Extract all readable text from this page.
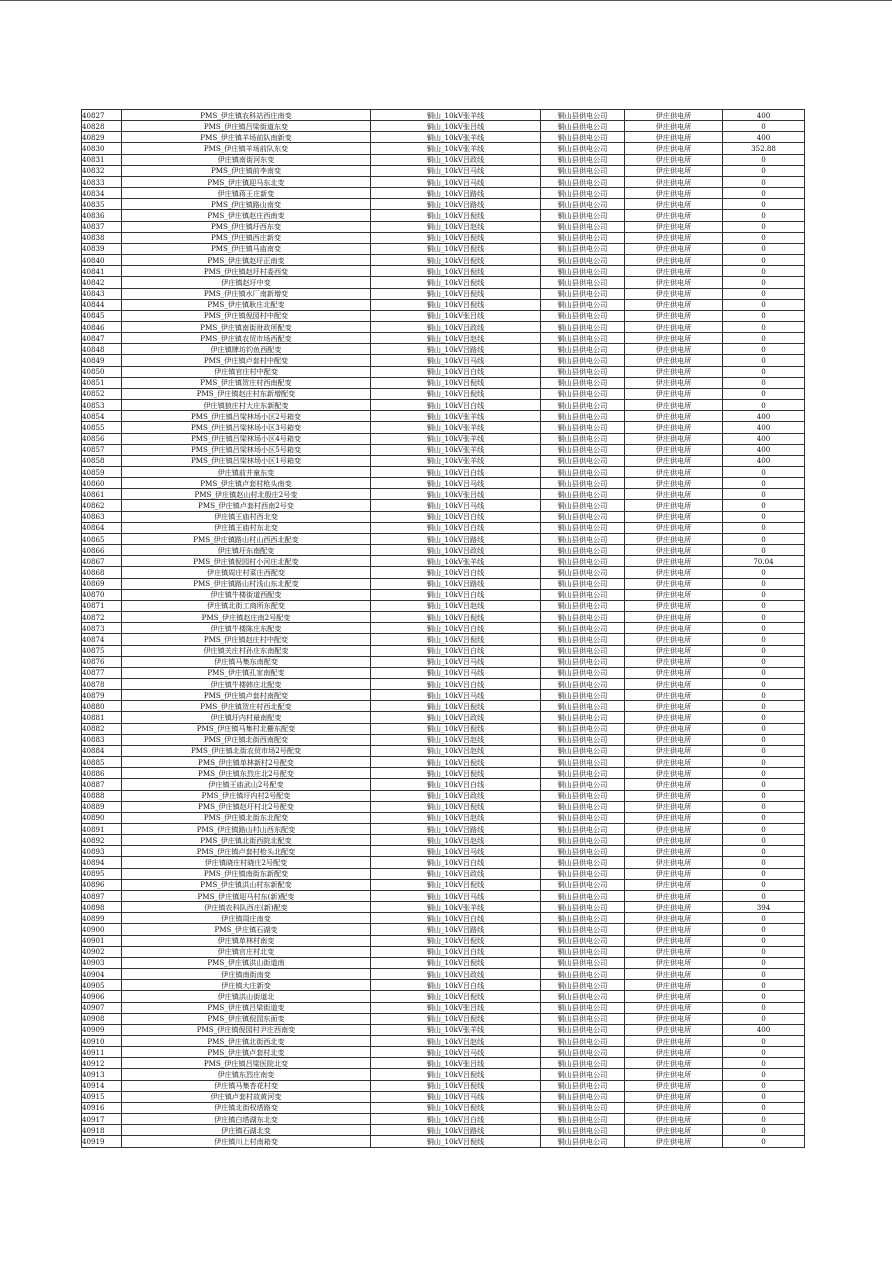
40827	PMS_伊庄镇农科站西庄南变	铜山_10kV张羊线	铜山县供电公司	伊庄供电所	400
40828	PMS_伊庄镇吕梁街道东变	铜山_10kV张吕线	铜山县供电公司	伊庄供电所	0
40829	PMS_伊庄镇羊场前队南新变	铜山_10kV张羊线	铜山县供电公司	伊庄供电所	400
40830	PMS_伊庄镇羊场前队东变	铜山_10kV张羊线	铜山县供电公司	伊庄供电所	352.88
40831	伊庄镇南街河东变	铜山_10kV吕政线	铜山县供电公司	伊庄供电所	0
40832	PMS_伊庄镇前李南变	铜山_10kV吕马线	铜山县供电公司	伊庄供电所	0
40833	PMS_伊庄镇迎马东北变	铜山_10kV吕马线	铜山县供电公司	伊庄供电所	0
40834	伊庄镇蒋王庄新变	铜山_10kV吕路线	铜山县供电公司	伊庄供电所	0
40835	PMS_伊庄镇路山南变	铜山_10kV吕路线	铜山县供电公司	伊庄供电所	0
40836	PMS_伊庄镇赵庄西南变	铜山_10kV吕倪线	铜山县供电公司	伊庄供电所	0
40837	PMS_伊庄镇圩西东变	铜山_10kV吕赵线	铜山县供电公司	伊庄供电所	0
40838	PMS_伊庄镇西庄新变	铜山_10kV吕倪线	铜山县供电公司	伊庄供电所	0
40839	PMS_伊庄镇马庙南变	铜山_10kV吕倪线	铜山县供电公司	伊庄供电所	0
40840	PMS_伊庄镇赵圩正南变	铜山_10kV吕倪线	铜山县供电公司	伊庄供电所	0
40841	PMS_伊庄镇赵圩村委西变	铜山_10kV吕倪线	铜山县供电公司	伊庄供电所	0
40842	伊庄镇赵圩中变	铜山_10kV吕倪线	铜山县供电公司	伊庄供电所	0
40843	PMS_伊庄镇水厂南新增变	铜山_10kV吕倪线	铜山县供电公司	伊庄供电所	0
40844	PMS_伊庄镇耿庄北配变	铜山_10kV吕倪线	铜山县供电公司	伊庄供电所	0
40845	PMS_伊庄镇倪园村中配变	铜山_10kV张吕线	铜山县供电公司	伊庄供电所	0
40846	PMS_伊庄镇南街财政所配变	铜山_10kV吕政线	铜山县供电公司	伊庄供电所	0
40847	PMS_伊庄镇农贸市场西配变	铜山_10kV吕赵线	铜山县供电公司	伊庄供电所	0
40848	伊庄镇牌坊钓鱼西配变	铜山_10kV吕路线	铜山县供电公司	伊庄供电所	0
40849	PMS_伊庄镇卢套村中配变	铜山_10kV吕马线	铜山县供电公司	伊庄供电所	0
40850	伊庄镇官庄村中配变	铜山_10kV吕白线	铜山县供电公司	伊庄供电所	0
40851	PMS_伊庄镇贺庄村西南配变	铜山_10kV吕倪线	铜山县供电公司	伊庄供电所	0
40852	PMS_伊庄镇赵庄村东新增配变	铜山_10kV吕倪线	铜山县供电公司	伊庄供电所	0
40853	伊庄镇狼庄村大庄东新配变	铜山_10kV吕白线	铜山县供电公司	伊庄供电所	0
40854	PMS_伊庄镇吕梁林场小区2号箱变	铜山_10kV张羊线	铜山县供电公司	伊庄供电所	400
40855	PMS_伊庄镇吕梁林场小区3号箱变	铜山_10kV张羊线	铜山县供电公司	伊庄供电所	400
40856	PMS_伊庄镇吕梁林场小区4号箱变	铜山_10kV张羊线	铜山县供电公司	伊庄供电所	400
40857	PMS_伊庄镇吕梁林场小区5号箱变	铜山_10kV张羊线	铜山县供电公司	伊庄供电所	400
40858	PMS_伊庄镇吕梁林场小区1号箱变	铜山_10kV张羊线	铜山县供电公司	伊庄供电所	400
40859	伊庄镇前井童东变	铜山_10kV吕白线	铜山县供电公司	伊庄供电所	0
40860	PMS_伊庄镇卢套村枪头南变	铜山_10kV吕马线	铜山县供电公司	伊庄供电所	0
40861	PMS_伊庄镇赵山村北殷庄2号变	铜山_10kV张吕线	铜山县供电公司	伊庄供电所	0
40862	PMS_伊庄镇卢套村西南2号变	铜山_10kV吕马线	铜山县供电公司	伊庄供电所	0
40863	伊庄镇王庙村西北变	铜山_10kV吕白线	铜山县供电公司	伊庄供电所	0
40864	伊庄镇王庙村东北变	铜山_10kV吕白线	铜山县供电公司	伊庄供电所	0
40865	PMS_伊庄镇路山村山西西北配变	铜山_10kV吕路线	铜山县供电公司	伊庄供电所	0
40866	伊庄镇圩东南配变	铜山_10kV吕政线	铜山县供电公司	伊庄供电所	0
40867	PMS_伊庄镇倪园村小河庄北配变	铜山_10kV张羊线	铜山县供电公司	伊庄供电所	70.04
40868	伊庄镇周庄村菜庄西配变	铜山_10kV吕白线	铜山县供电公司	伊庄供电所	0
40869	PMS_伊庄镇路山村浅山东北配变	铜山_10kV吕路线	铜山县供电公司	伊庄供电所	0
40870	伊庄镇牛楼街道西配变	铜山_10kV吕白线	铜山县供电公司	伊庄供电所	0
40871	伊庄镇北街工商所东配变	铜山_10kV吕赵线	铜山县供电公司	伊庄供电所	0
40872	PMS_伊庄镇赵庄南2号配变	铜山_10kV吕倪线	铜山县供电公司	伊庄供电所	0
40873	伊庄镇牛楼陈庄东配变	铜山_10kV吕白线	铜山县供电公司	伊庄供电所	0
40874	PMS_伊庄镇赵庄村中配变	铜山_10kV吕倪线	铜山县供电公司	伊庄供电所	0
40875	伊庄镇关庄村孙庄东南配变	铜山_10kV吕白线	铜山县供电公司	伊庄供电所	0
40876	伊庄镇马集东南配变	铜山_10kV吕马线	铜山县供电公司	伊庄供电所	0
40877	PMS_伊庄镇孔家南配变	铜山_10kV吕马线	铜山县供电公司	伊庄供电所	0
40878	伊庄镇牛楼韩庄北配变	铜山_10kV吕白线	铜山县供电公司	伊庄供电所	0
40879	PMS_伊庄镇卢套村南配变	铜山_10kV吕马线	铜山县供电公司	伊庄供电所	0
40880	PMS_伊庄镇贺庄村西北配变	铜山_10kV吕倪线	铜山县供电公司	伊庄供电所	0
40881	伊庄镇圩内村最南配变	铜山_10kV吕政线	铜山县供电公司	伊庄供电所	0
40882	PMS_伊庄镇马集村北栅东配变	铜山_10kV吕倪线	铜山县供电公司	伊庄供电所	0
40883	PMS_伊庄镇北街西南配变	铜山_10kV吕赵线	铜山县供电公司	伊庄供电所	0
40884	PMS_伊庄镇北街农贸市场2号配变	铜山_10kV吕赵线	铜山县供电公司	伊庄供电所	0
40885	PMS_伊庄镇单林新村2号配变	铜山_10kV吕倪线	铜山县供电公司	伊庄供电所	0
40886	PMS_伊庄镇东烈庄北2号配变	铜山_10kV吕倪线	铜山县供电公司	伊庄供电所	0
40887	伊庄镇王庙武山2号配变	铜山_10kV吕白线	铜山县供电公司	伊庄供电所	0
40888	PMS_伊庄镇圩内村2号配变	铜山_10kV吕政线	铜山县供电公司	伊庄供电所	0
40889	PMS_伊庄镇赵圩村北2号配变	铜山_10kV吕倪线	铜山县供电公司	伊庄供电所	0
40890	PMS_伊庄镇北街东北配变	铜山_10kV吕赵线	铜山县供电公司	伊庄供电所	0
40891	PMS_伊庄镇路山村山西东配变	铜山_10kV吕路线	铜山县供电公司	伊庄供电所	0
40892	PMS_伊庄镇北街西院北配变	铜山_10kV吕赵线	铜山县供电公司	伊庄供电所	0
40893	PMS_伊庄镇卢套村枪头北配变	铜山_10kV吕马线	铜山县供电公司	伊庄供电所	0
40894	伊庄镇晓庄村晓庄2号配变	铜山_10kV吕白线	铜山县供电公司	伊庄供电所	0
40895	PMS_伊庄镇南街东新配变	铜山_10kV吕政线	铜山县供电公司	伊庄供电所	0
40896	PMS_伊庄镇洪山村东新配变	铜山_10kV吕倪线	铜山县供电公司	伊庄供电所	0
40897	PMS_伊庄镇迎马村东(新)配变	铜山_10kV吕马线	铜山县供电公司	伊庄供电所	0
40898	伊庄镇农科队西庄(新)配变	铜山_10kV张羊线	铜山县供电公司	伊庄供电所	394
40899	伊庄镇周庄南变	铜山_10kV吕白线	铜山县供电公司	伊庄供电所	0
40900	PMS_伊庄镇石湖变	铜山_10kV吕路线	铜山县供电公司	伊庄供电所	0
40901	伊庄镇单林村南变	铜山_10kV吕倪线	铜山县供电公司	伊庄供电所	0
40902	伊庄镇官庄村北变	铜山_10kV吕白线	铜山县供电公司	伊庄供电所	0
40903	PMS_伊庄镇洪山街道南	铜山_10kV吕倪线	铜山县供电公司	伊庄供电所	0
40904	伊庄镇南街南变	铜山_10kV吕政线	铜山县供电公司	伊庄供电所	0
40905	伊庄镇大庄新变	铜山_10kV吕白线	铜山县供电公司	伊庄供电所	0
40906	伊庄镇洪山街道北	铜山_10kV吕倪线	铜山县供电公司	伊庄供电所	0
40907	PMS_伊庄镇吕梁街道变	铜山_10kV张吕线	铜山县供电公司	伊庄供电所	0
40908	PMS_伊庄镇倪园东面变	铜山_10kV吕倪线	铜山县供电公司	伊庄供电所	0
40909	PMS_伊庄镇倪园村尹庄西南变	铜山_10kV张羊线	铜山县供电公司	伊庄供电所	400
40910	PMS_伊庄镇北街西北变	铜山_10kV吕赵线	铜山县供电公司	伊庄供电所	0
40911	PMS_伊庄镇卢套村北变	铜山_10kV吕马线	铜山县供电公司	伊庄供电所	0
40912	PMS_伊庄镇吕梁医院北变	铜山_10kV张吕线	铜山县供电公司	伊庄供电所	0
40913	伊庄镇东烈庄南变	铜山_10kV吕倪线	铜山县供电公司	伊庄供电所	0
40914	伊庄镇马集杏花村变	铜山_10kV吕倪线	铜山县供电公司	伊庄供电所	0
40915	伊庄镇卢套村故黄河变	铜山_10kV吕马线	铜山县供电公司	伊庄供电所	0
40916	伊庄镇北街权塔路变	铜山_10kV吕倪线	铜山县供电公司	伊庄供电所	0
40917	伊庄镇白塔湖东北变	铜山_10kV吕白线	铜山县供电公司	伊庄供电所	0
40918	伊庄镇石湖北变	铜山_10kV吕路线	铜山县供电公司	伊庄供电所	0
40919	伊庄镇川上村南箱变	铜山_10kV吕倪线	铜山县供电公司	伊庄供电所	0
